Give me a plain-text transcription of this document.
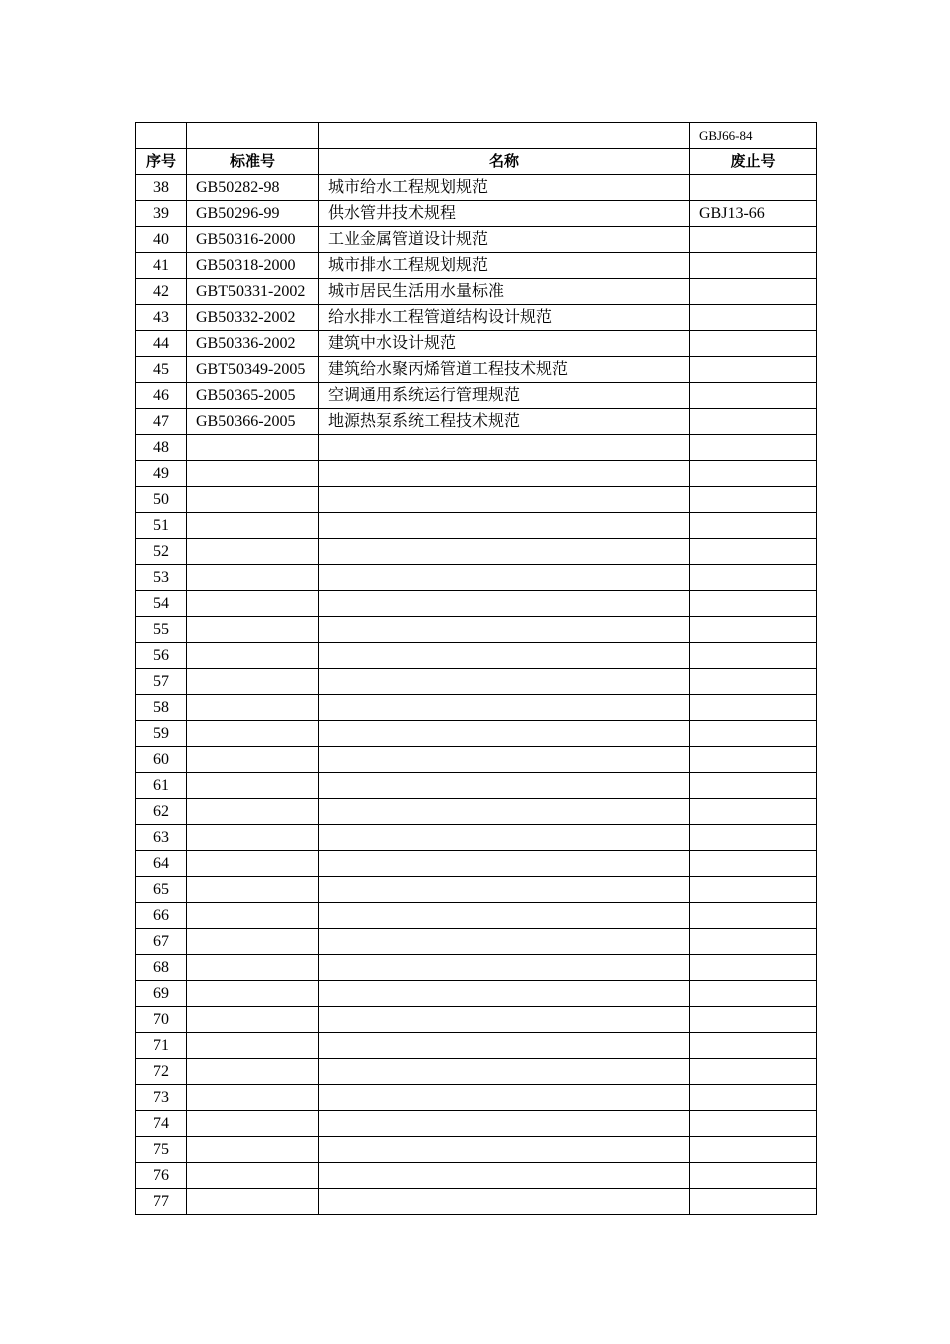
			GBJ66-84
序号	标准号	名称	废止号
38	GB50282-98	城市给水工程规划规范	
39	GB50296-99	供水管井技术规程	GBJ13-66
40	GB50316-2000	工业金属管道设计规范	
41	GB50318-2000	城市排水工程规划规范	
42	GBT50331-2002	城市居民生活用水量标准	
43	GB50332-2002	给水排水工程管道结构设计规范	
44	GB50336-2002	建筑中水设计规范	
45	GBT50349-2005	建筑给水聚丙烯管道工程技术规范	
46	GB50365-2005	空调通用系统运行管理规范	
47	GB50366-2005	地源热泵系统工程技术规范	
48			
49			
50			
51			
52			
53			
54			
55			
56			
57			
58			
59			
60			
61			
62			
63			
64			
65			
66			
67			
68			
69			
70			
71			
72			
73			
74			
75			
76			
77			
